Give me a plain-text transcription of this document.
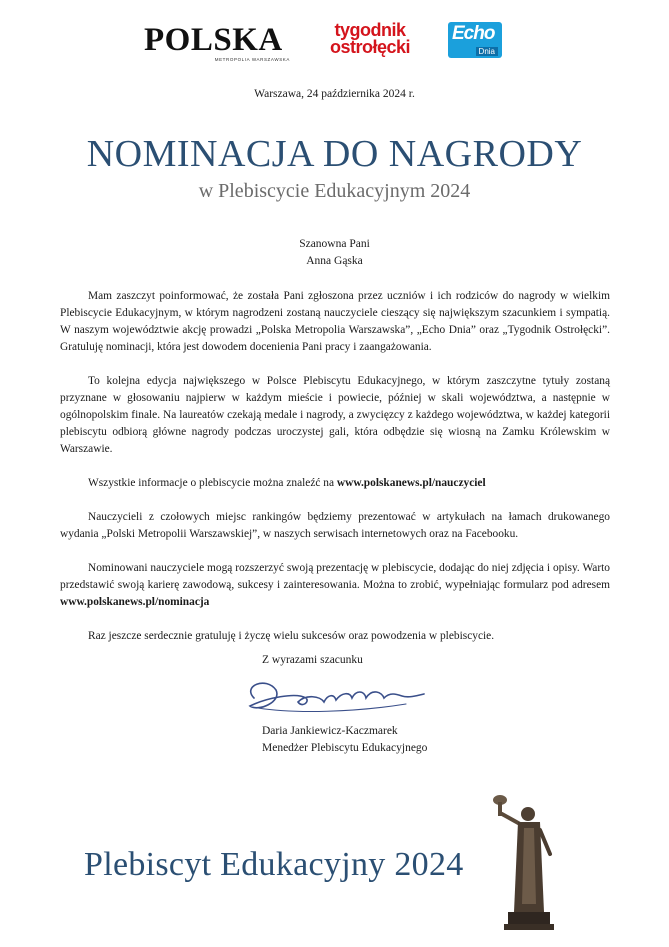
POLSKA
METROPOLIA WARSZAWSKA
tygodnik
ostrołęcki
Echo
Dnia
Warszawa, 24 października 2024 r.
NOMINACJA DO NAGRODY
w Plebiscycie Edukacyjnym 2024
Szanowna Pani
Anna Gąska

Mam zaszczyt poinformować, że została Pani zgłoszona przez uczniów i ich rodziców do nagrody w wielkim Plebiscycie Edukacyjnym, w którym nagrodzeni zostaną nauczyciele cieszący się największym szacunkiem i sympatią. W naszym województwie akcję prowadzi „Polska Metropolia Warszawska”, „Echo Dnia” oraz „Tygodnik Ostrołęcki”. Gratuluję nominacji, która jest dowodem docenienia Pani pracy i zaangażowania.

To kolejna edycja największego w Polsce Plebiscytu Edukacyjnego, w którym zaszczytne tytuły zostaną przyznane w głosowaniu najpierw w każdym mieście i powiecie, później w skali województwa, a następnie w ogólnopolskim finale. Na laureatów czekają medale i nagrody, a zwycięzcy z każdego województwa, w każdej kategorii plebiscytu odbiorą główne nagrody podczas uroczystej gali, która odbędzie się wiosną na Zamku Królewskim w Warszawie.

Wszystkie informacje o plebiscycie można znaleźć na www.polskanews.pl/nauczyciel

Nauczycieli z czołowych miejsc rankingów będziemy prezentować w artykułach na łamach drukowanego wydania „Polski Metropolii Warszawskiej”, w naszych serwisach internetowych oraz na Facebooku.

Nominowani nauczyciele mogą rozszerzyć swoją prezentację w plebiscycie, dodając do niej zdjęcia i opisy. Warto przedstawić swoją karierę zawodową, sukcesy i zainteresowania. Można to zrobić, wypełniając formularz pod adresem www.polskanews.pl/nominacja

Raz jeszcze serdecznie gratuluję i życzę wielu sukcesów oraz powodzenia w plebiscycie.

Z wyrazami szacunku
Daria Jankiewicz-Kaczmarek
Menedżer Plebiscytu Edukacyjnego
Plebiscyt Edukacyjny 2024
